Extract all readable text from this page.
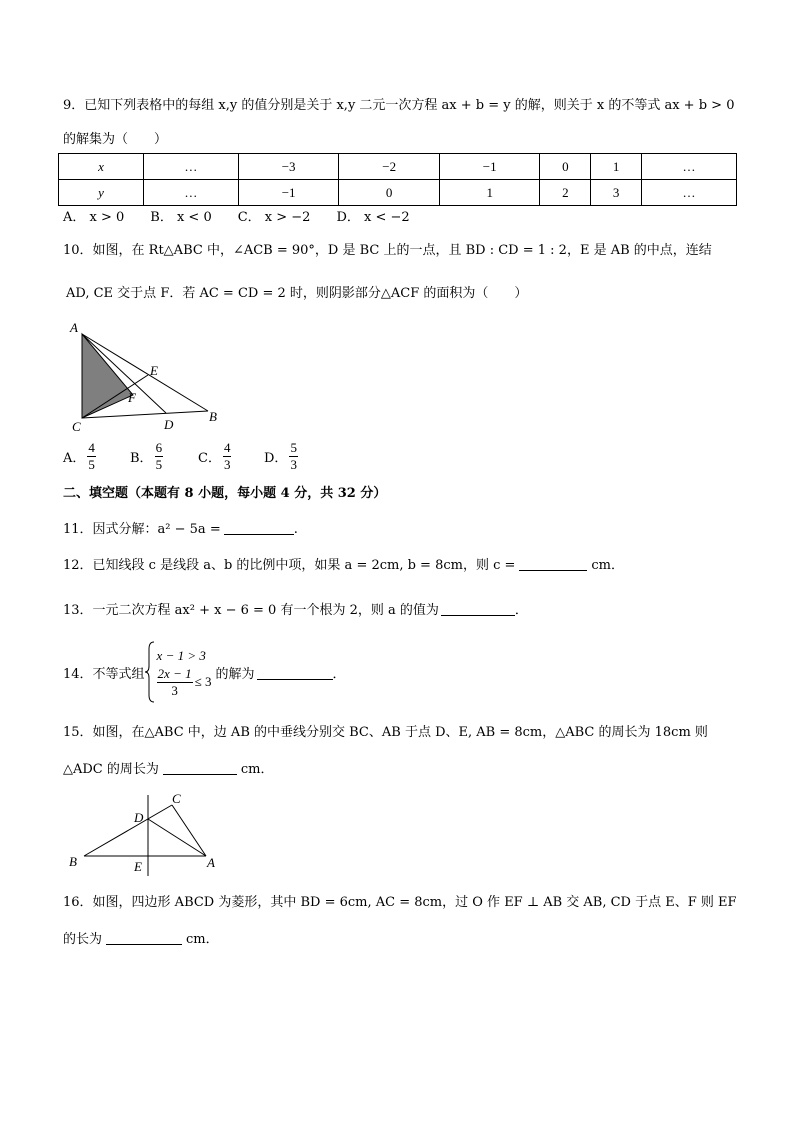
9．已知下列表格中的每组 x,y 的值分别是关于 x,y 二元一次方程 ax + b = y 的解，则关于 x 的不等式 ax + b > 0
的解集为（　　）
x	…	−3	−2	−1	0	1	…
y	…	−1	0	1	2	3	…
A． x > 0　　B． x < 0　　C． x > −2　　D． x < −2
10．如图，在 Rt△ABC 中，∠ACB = 90°，D 是 BC 上的一点，且 BD : CD = 1 : 2，E 是 AB 的中点，连结
AD, CE 交于点 F．若 AC = CD = 2 时，则阴影部分△ACF 的面积为（　　）
A
C	D
B
E
F
A． $\frac{4}{5}$	B． $\frac{6}{5}$	C． $\frac{4}{3}$	D． $\frac{5}{3}$
二、填空题（本题有 8 小题，每小题 4 分，共 32 分）
11．因式分解：a² − 5a =	.
12．已知线段 c 是线段 a、b 的比例中项，如果 a = 2cm, b = 8cm，则 c =	cm．
13．一元二次方程 ax² + x − 6 = 0 有一个根为 2，则 a 的值为	．
14．不等式组
x − 1 > 3
$\frac{2x - 1}{3} \le 3$ 的解为	．
15．如图，在△ABC 中，边 AB 的中垂线分别交 BC、AB 于点 D、E, AB = 8cm，△ABC 的周长为 18cm 则
△ADC 的周长为	cm．
B	A
C
D
E
16．如图，四边形 ABCD 为菱形，其中 BD = 6cm, AC = 8cm，过 O 作 EF ⊥ AB 交 AB, CD 于点 E、F 则 EF
的长为	cm．
